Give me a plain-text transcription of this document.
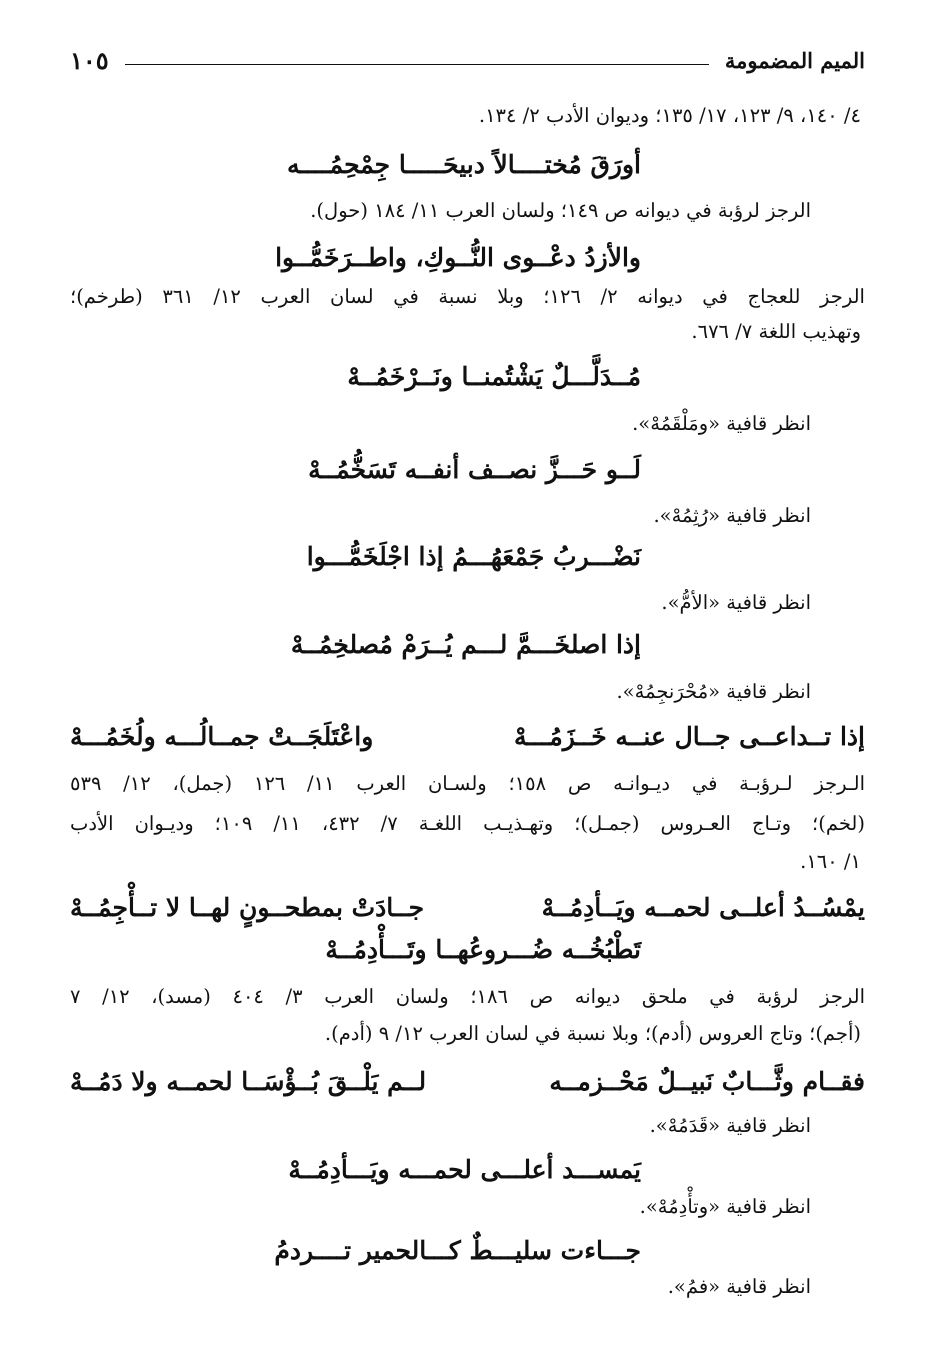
الميم المضمومة
١٠٥
٤/ ١٤٠، ٩/ ١٢٣، ١٧/ ١٣٥؛ وديوان الأدب ٢/ ١٣٤.
أورَقَ مُختــــالاً دبيحَـــــا جِمْحِمُــــه
الرجز لرؤبة في ديوانه ص ١٤٩؛ ولسان العرب ١١/ ١٨٤ (حول).
والأزدُ دعْــوى النُّــوكِ، واطــرَخَمُّــوا
الرجز للعجاج في ديوانه ٢/ ١٢٦؛ وبلا نسبة في لسان العرب ١٢/ ٣٦١ (طرخم)؛
وتهذيب اللغة ٧/ ٦٧٦.
مُــدَلَّـــلٌ يَشْتُمنــا ونَــرْخَمُــهْ
انظر قافية «ومَلْقَمُهْ».
لَــو حَـــزَّ نصــف أنفــه تَسَخُّمُــهْ
انظر قافية «رُثِمُهْ».
نَضْـــربُ جَمْعَهُـــمُ إذا اجْلَخَمُّـــوا
انظر قافية «الأمُّ».
إذا اصلخَـــمَّ لـــم يُــرَمْ مُصلخِمُــهْ
انظر قافية «مُحْرَنجِمُهْ».
إذا تــداعــى جــال عنــه خَــزَمُـــهْ
واعْتَلَجَــتْ جمــالُـــه ولُخَمُـــهْ
الـرجز لـرؤبـة في ديـوانـه ص ١٥٨؛ ولسـان العرب ١١/ ١٢٦ (جمل)، ١٢/ ٥٣٩
(لخم)؛ وتـاج العـروس (جمـل)؛ وتهـذيـب اللغـة ٧/ ٤٣٢، ١١/ ١٠٩؛ وديـوان الأدب
١/ ١٦٠.
يمْسُــدُ أعلــى لحمــه ويَــأدِمُــهْ
جــادَتْ بمطحــونٍ لهــا لا تــأْجِمُــهْ
تَطْبُخُــه ضُـــروعُهــا وتَـــأْدِمُــهْ
الرجز لرؤبة في ملحق ديوانه ص ١٨٦؛ ولسان العرب ٣/ ٤٠٤ (مسد)، ١٢/ ٧
(أجم)؛ وتاج العروس (أدم)؛ وبلا نسبة في لسان العرب ١٢/ ٩ (أدم).
فقــام وثَّـــابٌ نَبيــلٌ مَحْــزمــه
لــم يَلْــقَ بُــؤْسَــا لحمــه ولا دَمُــهْ
انظر قافية «قَدَمُهْ».
يَمســـد أعلـــى لحمـــه ويَـــأدِمُــهْ
انظر قافية «وتأْدِمُهْ».
جـــاءت سليـــطٌ كـــالحمير تــــردمُ
انظر قافية «فمُ».
